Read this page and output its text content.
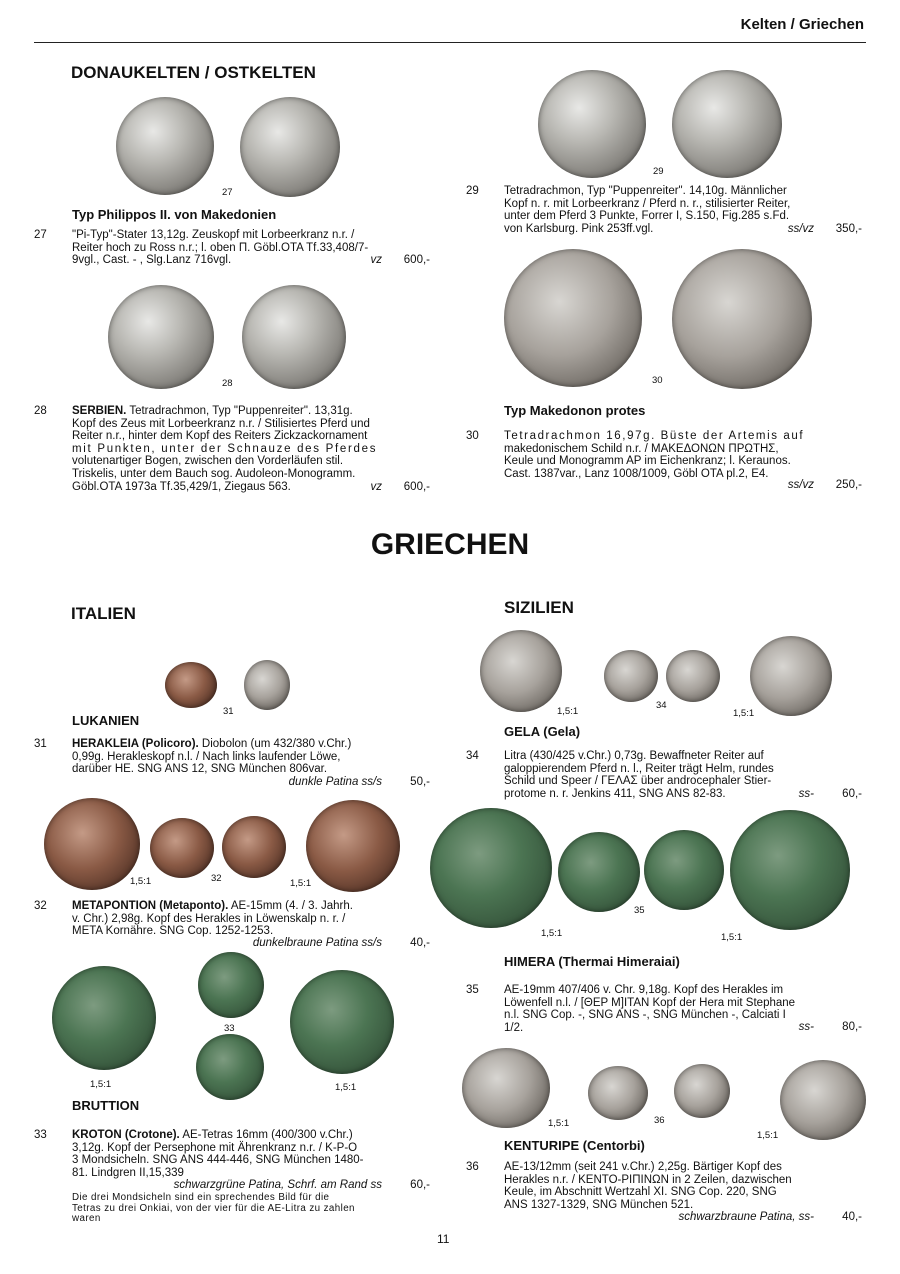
Kelten / Griechen
DONAUKELTEN / OSTKELTEN
27
Typ Philippos II. von Makedonien
27	"Pi-Typ"-Stater 13,12g. Zeuskopf mit Lorbeerkranz n.r. /
Reiter hoch zu Ross n.r.; l. oben Π. Göbl.OTA Tf.33,408/7-
9vgl., Cast. - , Slg.Lanz 716vgl.	vz	600,-
28
28	SERBIEN. Tetradrachmon, Typ "Puppenreiter". 13,31g.
Kopf des Zeus mit Lorbeerkranz n.r. / Stilisiertes Pferd und
Reiter n.r., hinter dem Kopf des Reiters Zickzackornament
mit Punkten, unter der Schnauze des Pferdes
volutenartiger Bogen, zwischen den Vorderläufen stil.
Triskelis, unter dem Bauch sog. Audoleon-Monogramm.
Göbl.OTA 1973a Tf.35,429/1, Ziegaus 563.	vz	600,-
29
29	Tetradrachmon, Typ "Puppenreiter". 14,10g. Männlicher
Kopf n. r. mit Lorbeerkranz / Pferd n. r., stilisierter Reiter,
unter dem Pferd 3 Punkte, Forrer I, S.150, Fig.285 s.Fd.
von Karlsburg. Pink 253ff.vgl.	ss/vz	350,-
30
Typ Makedonon protes
30	Tetradrachmon 16,97g. Büste der Artemis auf
makedonischem Schild n.r. / ΜΑΚΕΔΟΝΩΝ ΠΡΩΤΗΣ,
Keule und Monogramm AP im Eichenkranz; l. Keraunos.
Cast. 1387var., Lanz 1008/1009, Göbl OTA pl.2, E4.
ss/vz	250,-
GRIECHEN
ITALIEN
31
LUKANIEN
31	HERAKLEIA (Policoro). Diobolon (um 432/380 v.Chr.)
0,99g. Herakleskopf n.l. / Nach links laufender Löwe,
darüber HE. SNG ANS 12, SNG München 806var.
dunkle Patina ss/s	50,-
1,5:1	32	1,5:1
32	METAPONTION (Metaponto). AE-15mm (4. / 3. Jahrh.
v. Chr.) 2,98g. Kopf des Herakles in Löwenskalp n. r. /
META Kornähre. SNG Cop. 1252-1253.
dunkelbraune Patina ss/s	40,-
33
1,5:1	1,5:1
BRUTTION
33	KROTON (Crotone). AE-Tetras 16mm (400/300 v.Chr.)
3,12g. Kopf der Persephone mit Ährenkranz n.r. / K-P-O
3 Mondsicheln. SNG ANS 444-446, SNG München 1480-
81. Lindgren II,15,339
schwarzgrüne Patina, Schrf. am Rand ss	60,-
Die drei Mondsicheln sind ein sprechendes Bild für die
Tetras zu drei Onkiai, von der vier für die AE-Litra zu zahlen
waren
SIZILIEN
1,5:1
34
1,5:1
GELA (Gela)
34	Litra (430/425 v.Chr.) 0,73g. Bewaffneter Reiter auf
galoppierendem Pferd n. l., Reiter trägt Helm, rundes
Schild und Speer / ΓΕΛΑΣ über androcephaler Stier-
protome n. r. Jenkins 411, SNG ANS 82-83.	ss-	60,-
35
1,5:1	1,5:1
HIMERA (Thermai Himeraiai)
35	AE-19mm 407/406 v. Chr. 9,18g. Kopf des Herakles im
Löwenfell n.l. / [ΘΕΡ Μ]ΙΤΑΝ Kopf der Hera mit Stephane
n.l. SNG Cop. -, SNG ANS -, SNG München -, Calciati I
1/2.	ss-	80,-
1,5:1	36
1,5:1
KENTURIPE (Centorbi)
36	AE-13/12mm (seit 241 v.Chr.) 2,25g. Bärtiger Kopf des
Herakles n.r. / ΚΕΝΤΟ-ΡΙΠΙΝΩΝ in 2 Zeilen, dazwischen
Keule, im Abschnitt Wertzahl XI. SNG Cop. 220, SNG
ANS 1327-1329, SNG München 521.
schwarzbraune Patina, ss-	40,-
11
